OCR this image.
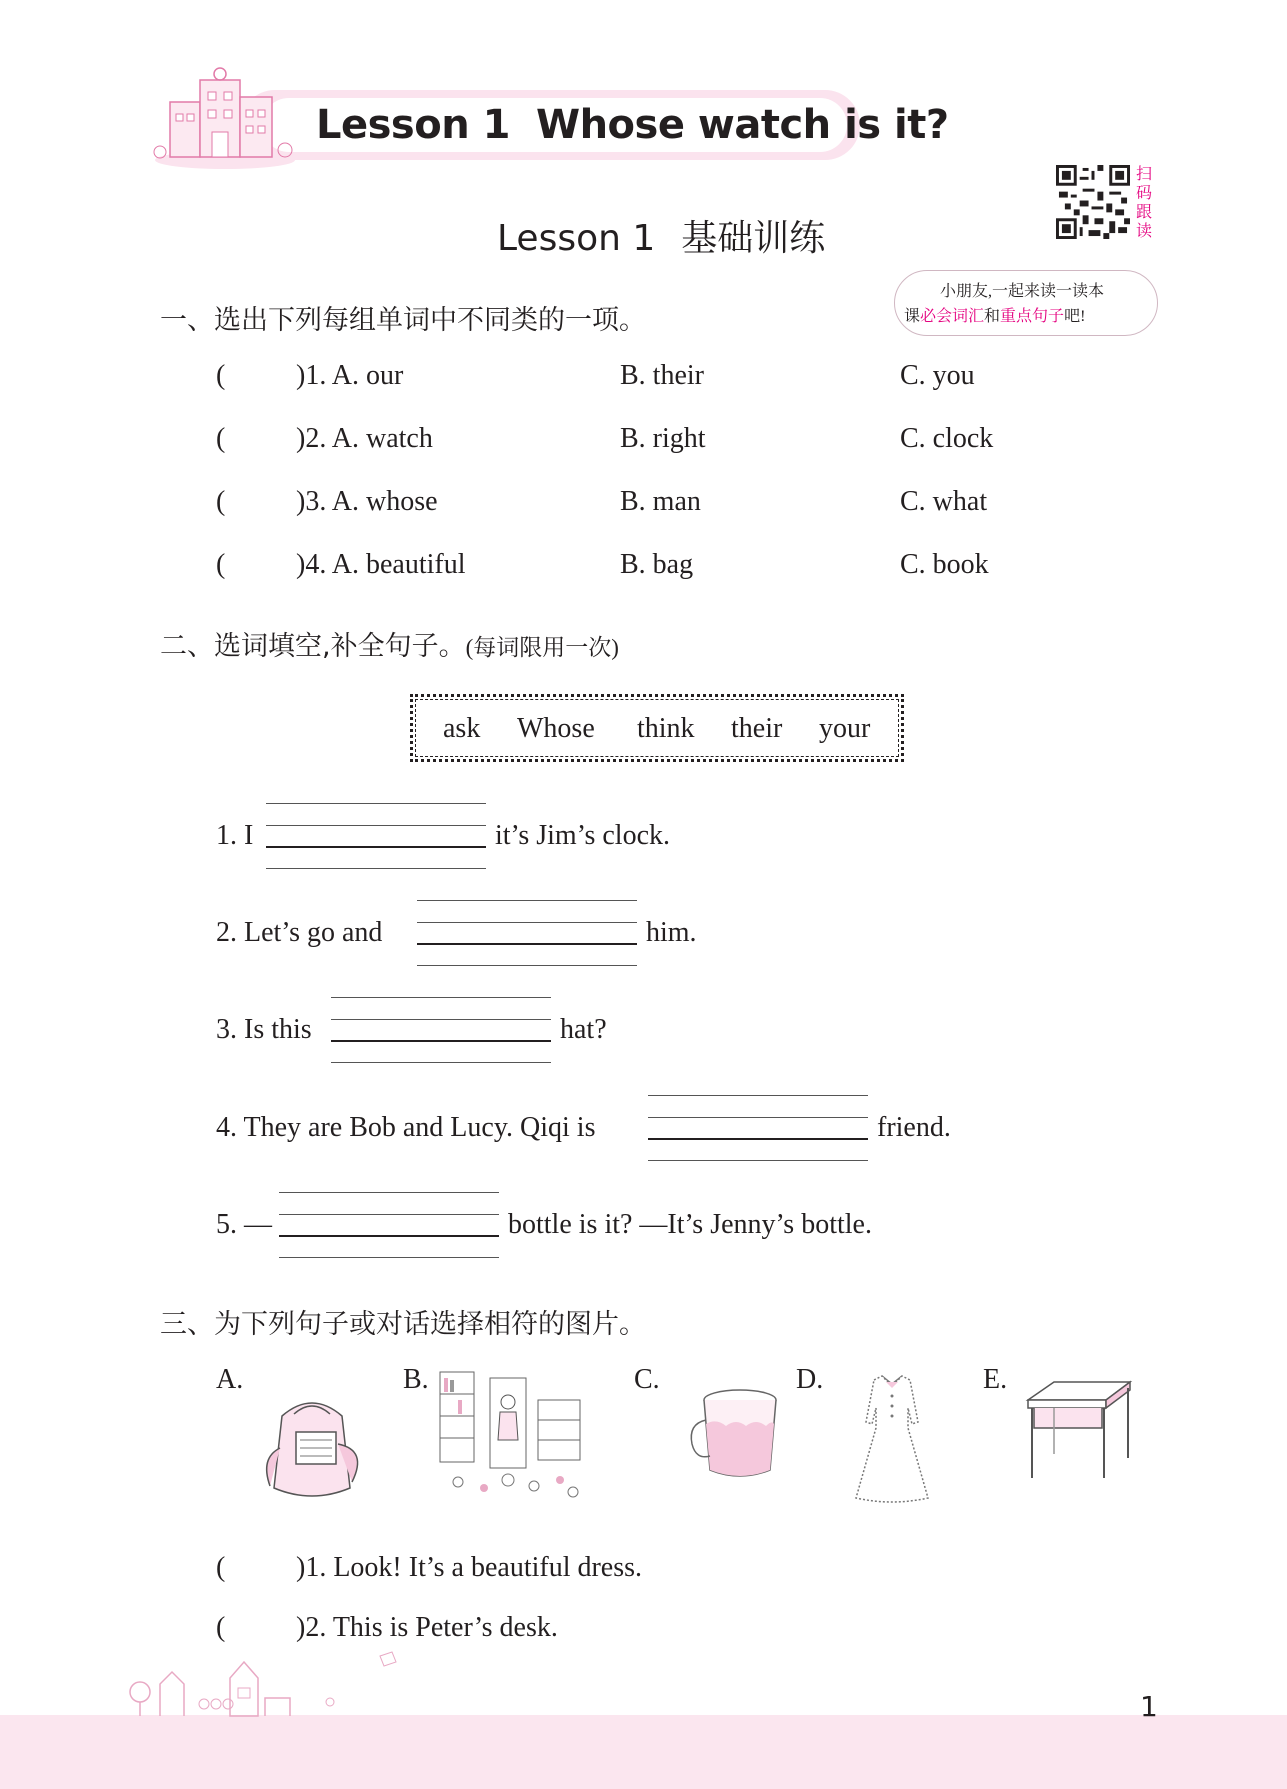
Lesson 1 Whose watch is it?
Lesson 1 基础训练
扫
码
跟
读
小朋友,一起来读一读本
课必会词汇和重点句子吧!
一、选出下列每组单词中不同类的一项。
(	)1. A. our	B. their	C. you
(	)2. A. watch	B. right	C. clock
(	)3. A. whose	B. man	C. what
(	)4. A. beautiful	B. bag	C. book
二、选词填空,补全句子。(每词限用一次)
ask Whose think their your
1. I	it’s Jim’s clock.
2. Let’s go and	him.
3. Is this	hat?
4. They are Bob and Lucy. Qiqi is	friend.
5. —	bottle is it? —It’s Jenny’s bottle.
三、为下列句子或对话选择相符的图片。
A.	B.	C.	D.	E.
(	)1. Look! It’s a beautiful dress.
(	)2. This is Peter’s desk.
1
